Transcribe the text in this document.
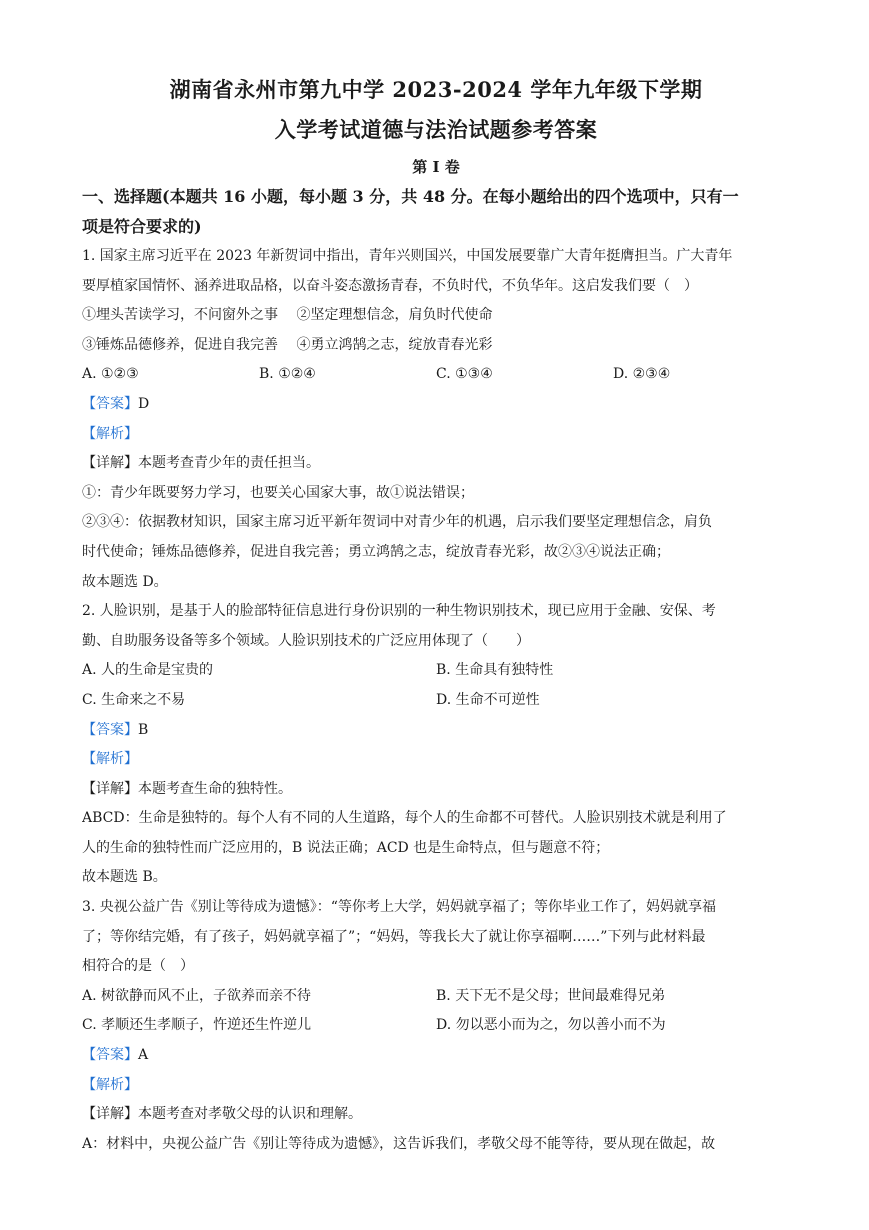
湖南省永州市第九中学 2023-2024 学年九年级下学期
入学考试道德与法治试题参考答案
第 I 卷
一、选择题(本题共 16 小题，每小题 3 分，共 48 分。在每小题给出的四个选项中，只有一
项是符合要求的)
1. 国家主席习近平在 2023 年新贺词中指出，青年兴则国兴，中国发展要靠广大青年挺膺担当。广大青年
要厚植家国情怀、涵养进取品格，以奋斗姿态激扬青春，不负时代，不负华年。这启发我们要（　）
①埋头苦读学习，不问窗外之事　 ②坚定理想信念，肩负时代使命
③锤炼品德修养，促进自我完善　 ④勇立鸿鹄之志，绽放青春光彩
A. ①②③	B. ①②④	C. ①③④	D. ②③④
【答案】D
【解析】
【详解】本题考查青少年的责任担当。
①：青少年既要努力学习，也要关心国家大事，故①说法错误；
②③④：依据教材知识，国家主席习近平新年贺词中对青少年的机遇，启示我们要坚定理想信念，肩负
时代使命；锤炼品德修养，促进自我完善；勇立鸿鹄之志，绽放青春光彩，故②③④说法正确；
故本题选 D。
2. 人脸识别，是基于人的脸部特征信息进行身份识别的一种生物识别技术，现已应用于金融、安保、考
勤、自助服务设备等多个领域。人脸识别技术的广泛应用体现了（　　）
A. 人的生命是宝贵的	B. 生命具有独特性
C. 生命来之不易	D. 生命不可逆性
【答案】B
【解析】
【详解】本题考查生命的独特性。
ABCD：生命是独特的。每个人有不同的人生道路，每个人的生命都不可替代。人脸识别技术就是利用了
人的生命的独特性而广泛应用的，B 说法正确；ACD 也是生命特点，但与题意不符；
故本题选 B。
3. 央视公益广告《别让等待成为遗憾》：“等你考上大学，妈妈就享福了；等你毕业工作了，妈妈就享福
了；等你结完婚，有了孩子，妈妈就享福了”；“妈妈，等我长大了就让你享福啊……”下列与此材料最
相符合的是（　）
A. 树欲静而风不止，子欲养而亲不待	B. 天下无不是父母；世间最难得兄弟
C. 孝顺还生孝顺子，忤逆还生忤逆儿	D. 勿以恶小而为之，勿以善小而不为
【答案】A
【解析】
【详解】本题考查对孝敬父母的认识和理解。
A：材料中，央视公益广告《别让等待成为遗憾》，这告诉我们，孝敬父母不能等待，要从现在做起，故
